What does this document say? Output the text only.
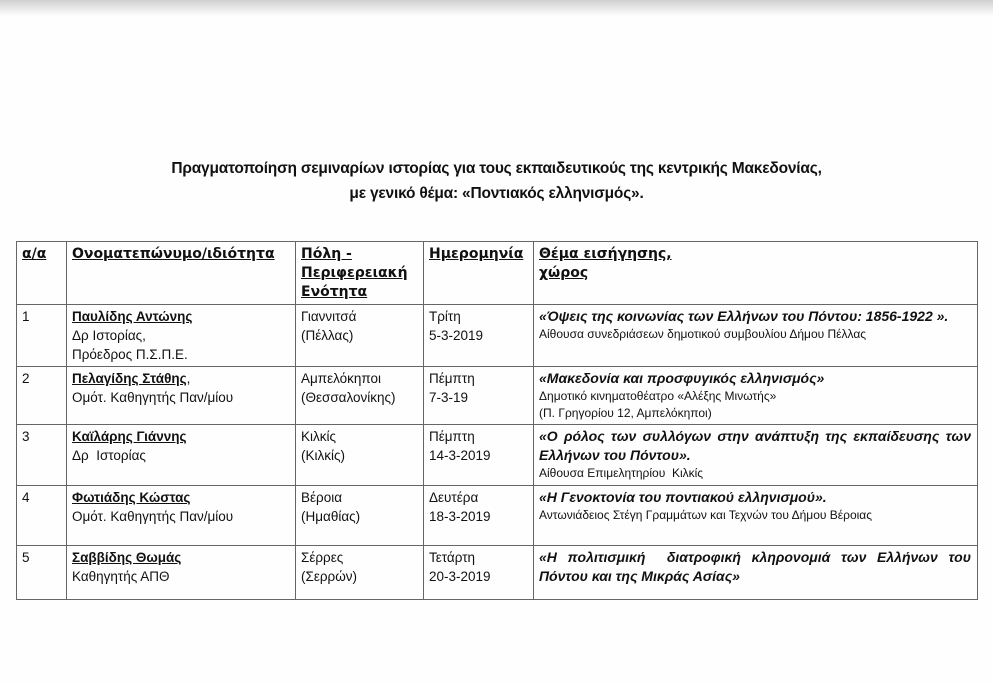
Πραγματοποίηση σεμιναρίων ιστορίας για τους εκπαιδευτικούς της κεντρικής Μακεδονίας,
με γενικό θέμα: «Ποντιακός ελληνισμός».
α/α	Ονοματεπώνυμο/ιδιότητα	Πόλη -
Περιφερειακή
Ενότητα	Ημερομηνία	Θέμα εισήγησης,
χώρος

1	Παυλίδης Αντώνης
Δρ Ιστορίας,
Πρόεδρος Π.Σ.Π.Ε.	Γιαννιτσά
(Πέλλας)	Τρίτη
5-3-2019	«Όψεις της κοινωνίας των Ελλήνων του Πόντου: 1856-1922 ».
Αίθουσα συνεδριάσεων δημοτικού συμβουλίου Δήμου Πέλλας

2	Πελαγίδης Στάθης,
Ομότ. Καθηγητής Παν/μίου	Αμπελόκηποι
(Θεσσαλονίκης)	Πέμπτη
7-3-19	«Μακεδονία και προσφυγικός ελληνισμός»
Δημοτικό κινηματοθέατρο «Αλέξης Μινωτής»
(Π. Γρηγορίου 12, Αμπελόκηποι)

3	Καϊλάρης Γιάννης
Δρ  Ιστορίας	Κιλκίς
(Κιλκίς)	Πέμπτη
14-3-2019	«Ο ρόλος των συλλόγων στην ανάπτυξη της εκπαίδευσης των Ελλήνων του Πόντου».
Αίθουσα Επιμελητηρίου  Κιλκίς

4	Φωτιάδης Κώστας
Ομότ. Καθηγητής Παν/μίου	Βέροια
(Ημαθίας)	Δευτέρα
18-3-2019	«Η Γενοκτονία του ποντιακού ελληνισμού».
Αντωνιάδειος Στέγη Γραμμάτων και Τεχνών του Δήμου Βέροιας

5	Σαββίδης Θωμάς
Καθηγητής ΑΠΘ	Σέρρες
(Σερρών)	Τετάρτη
20-3-2019	«Η πολιτισμική  διατροφική κληρονομιά των Ελλήνων του Πόντου και της Μικράς Ασίας»
